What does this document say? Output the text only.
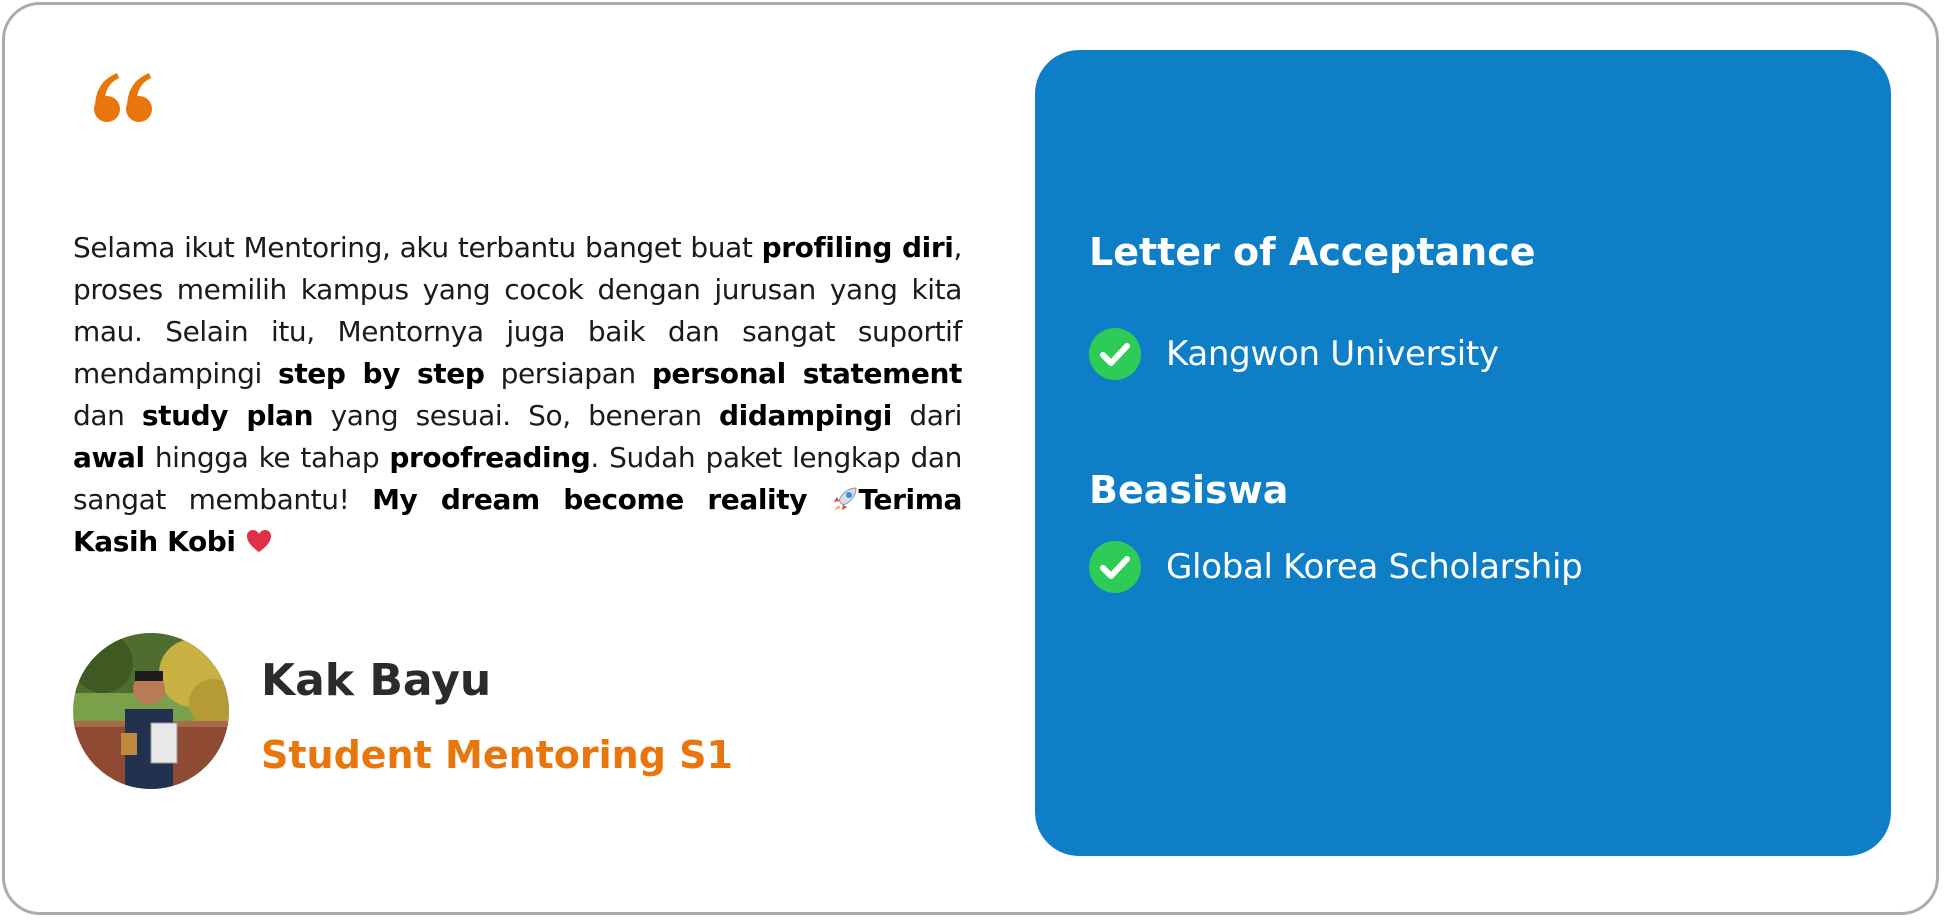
Selama ikut Mentoring, aku terbantu banget buat profiling diri, proses memilih kampus yang cocok dengan jurusan yang kita mau. Selain itu, Mentornya juga baik dan sangat suportif mendampingi step by step persiapan personal statement dan study plan yang sesuai. So, beneran didampingi dari awal hingga ke tahap proofreading. Sudah paket lengkap dan sangat membantu! My dream become reality Terima Kasih Kobi

Kak Bayu
Student Mentoring S1
Letter of Acceptance
Kangwon University
Beasiswa
Global Korea Scholarship
